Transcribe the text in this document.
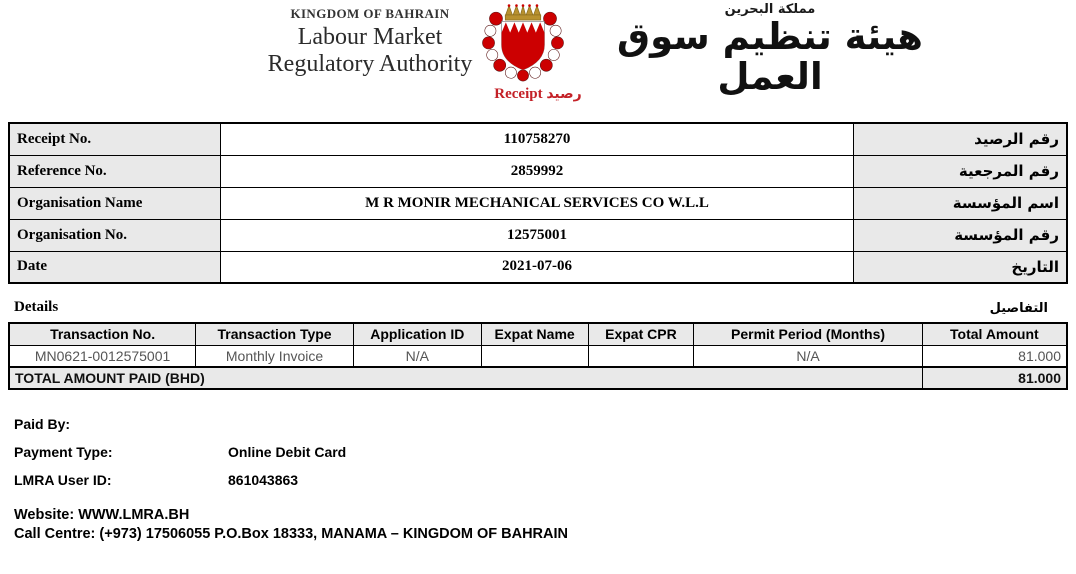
KINGDOM OF BAHRAIN
Labour Market
Regulatory Authority
مملكة البحرين
هيئة تنظيم سوق العمل
Receipt رصيد
Receipt No.	110758270	رقم الرصيد
Reference No.	2859992	رقم المرجعية
Organisation Name	M R MONIR MECHANICAL SERVICES CO W.L.L	اسم المؤسسة
Organisation No.	12575001	رقم المؤسسة
Date	2021-07-06	التاريخ
Details	التفاصيل
Transaction No.	Transaction Type	Application ID	Expat Name	Expat CPR	Permit Period (Months)	Total Amount
MN0621-0012575001	Monthly Invoice	N/A			N/A	81.000
TOTAL AMOUNT PAID (BHD)						81.000
Paid By:
Payment Type:	Online Debit Card
LMRA User ID:	861043863
Website: WWW.LMRA.BH
Call Centre: (+973) 17506055 P.O.Box 18333, MANAMA – KINGDOM OF BAHRAIN
